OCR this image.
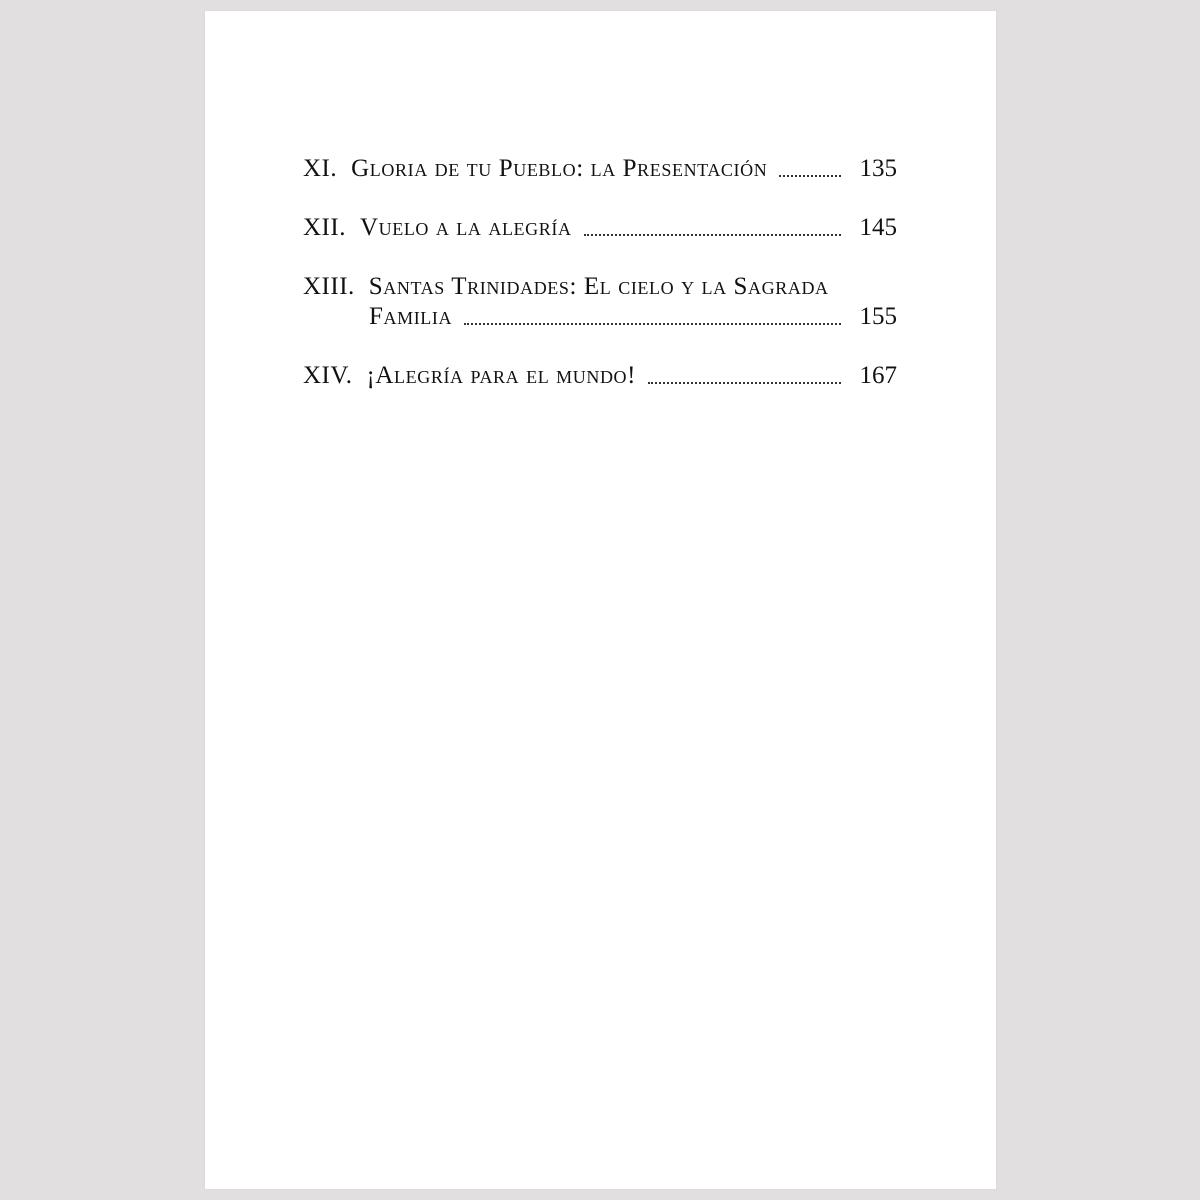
XI. Gloria de tu Pueblo: la Presentación	135
XII. Vuelo a la alegría	145
XIII. Santas Trinidades: El cielo y la Sagrada
Familia	155
XIV. ¡Alegría para el mundo!	167
